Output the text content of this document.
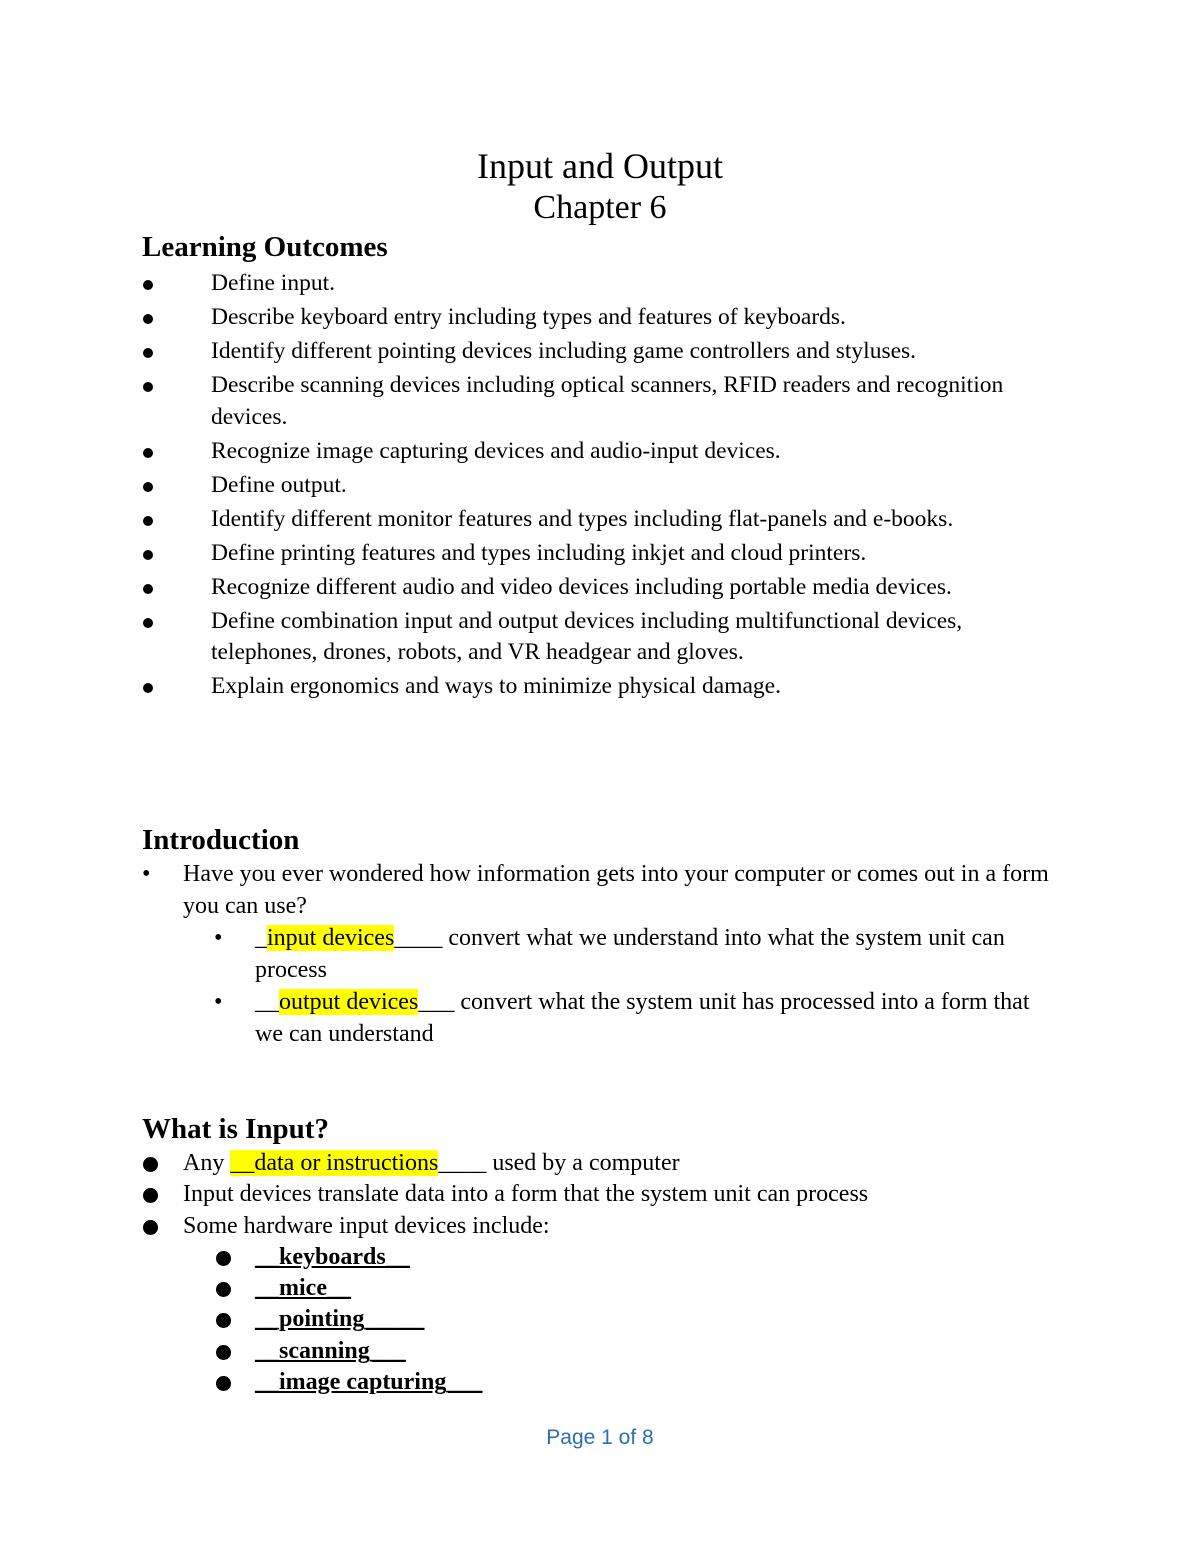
Input and Output
Chapter 6
Learning Outcomes
Define input.
Describe keyboard entry including types and features of keyboards.
Identify different pointing devices including game controllers and styluses.
Describe scanning devices including optical scanners, RFID readers and recognition devices.
Recognize image capturing devices and audio-input devices.
Define output.
Identify different monitor features and types including flat-panels and e-books.
Define printing features and types including inkjet and cloud printers.
Recognize different audio and video devices including portable media devices.
Define combination input and output devices including multifunctional devices, telephones, drones, robots, and VR headgear and gloves.
Explain ergonomics and ways to minimize physical damage.
Introduction
• Have you ever wondered how information gets into your computer or comes out in a form you can use?
• _input devices____ convert what we understand into what the system unit can process
• __output devices___ convert what the system unit has processed into a form that we can understand
What is Input?
Any __data or instructions____ used by a computer
Input devices translate data into a form that the system unit can process
Some hardware input devices include:
__keyboards__
__mice__
__pointing_____
__scanning___
__image capturing___
Page 1 of 8
